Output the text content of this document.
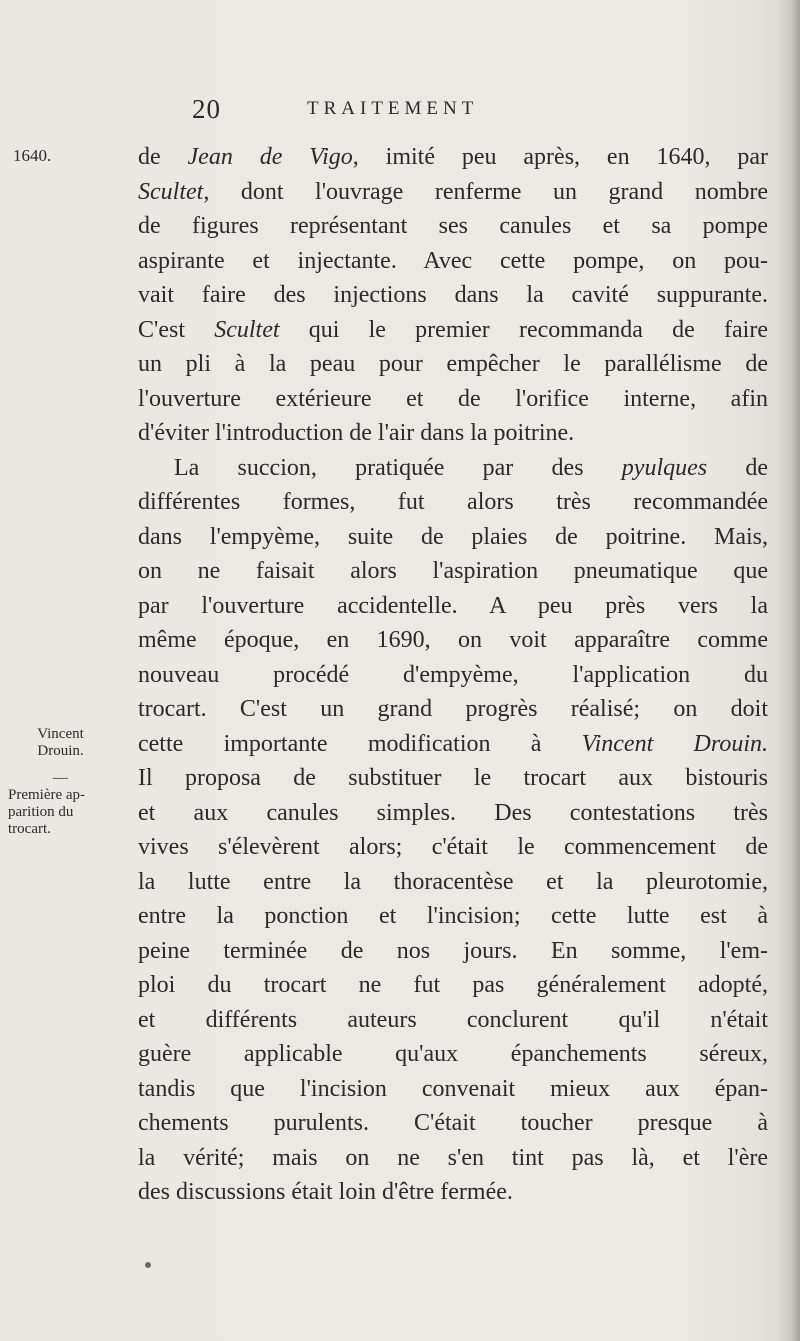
20	TRAITEMENT
1640.
Vincent
Drouin.
—
Première ap-
parition du
trocart.
de Jean de Vigo, imité peu après, en 1640, par
Scultet, dont l'ouvrage renferme un grand nombre
de figures représentant ses canules et sa pompe
aspirante et injectante. Avec cette pompe, on pou-
vait faire des injections dans la cavité suppurante.
C'est Scultet qui le premier recommanda de faire
un pli à la peau pour empêcher le parallélisme de
l'ouverture extérieure et de l'orifice interne, afin
d'éviter l'introduction de l'air dans la poitrine.
La succion, pratiquée par des pyulques de
différentes formes, fut alors très recommandée
dans l'empyème, suite de plaies de poitrine. Mais,
on ne faisait alors l'aspiration pneumatique que
par l'ouverture accidentelle. A peu près vers la
même époque, en 1690, on voit apparaître comme
nouveau procédé d'empyème, l'application du
trocart. C'est un grand progrès réalisé; on doit
cette importante modification à Vincent Drouin.
Il proposa de substituer le trocart aux bistouris
et aux canules simples. Des contestations très
vives s'élevèrent alors; c'était le commencement de
la lutte entre la thoracentèse et la pleurotomie,
entre la ponction et l'incision; cette lutte est à
peine terminée de nos jours. En somme, l'em-
ploi du trocart ne fut pas généralement adopté,
et différents auteurs conclurent qu'il n'était
guère applicable qu'aux épanchements séreux,
tandis que l'incision convenait mieux aux épan-
chements purulents. C'était toucher presque à
la vérité; mais on ne s'en tint pas là, et l'ère
des discussions était loin d'être fermée.
